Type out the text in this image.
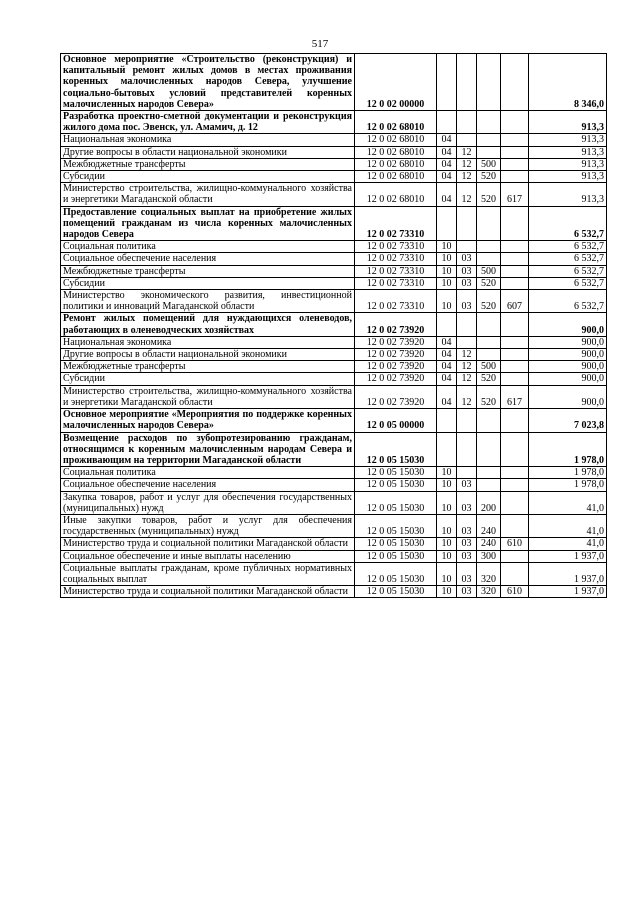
517
Основное мероприятие «Строительство (реконструкция) и капитальный ремонт жилых домов в местах проживания коренных малочисленных народов Севера, улучшение социально-бытовых условий представителей коренных малочисленных народов Севера»	12 0 02 00000					8 346,0

Разработка проектно-сметной документации и реконструкция жилого дома пос. Эвенск, ул. Амамич, д. 12	12 0 02 68010					913,3

Национальная экономика	12 0 02 68010	04				913,3

Другие вопросы в области национальной экономики	12 0 02 68010	04	12			913,3

Межбюджетные трансферты	12 0 02 68010	04	12	500		913,3

Субсидии	12 0 02 68010	04	12	520		913,3

Министерство строительства, жилищно-коммунального хозяйства и энергетики Магаданской области	12 0 02 68010	04	12	520	617	913,3

Предоставление социальных выплат на приобретение жилых помещений гражданам из числа коренных малочисленных народов Севера	12 0 02 73310					6 532,7

Социальная политика	12 0 02 73310	10				6 532,7

Социальное обеспечение населения	12 0 02 73310	10	03			6 532,7

Межбюджетные трансферты	12 0 02 73310	10	03	500		6 532,7

Субсидии	12 0 02 73310	10	03	520		6 532,7

Министерство экономического развития, инвестиционной политики и инноваций Магаданской области	12 0 02 73310	10	03	520	607	6 532,7

Ремонт жилых помещений для нуждающихся оленеводов, работающих в оленеводческих хозяйствах	12 0 02 73920					900,0

Национальная экономика	12 0 02 73920	04				900,0

Другие вопросы в области национальной экономики	12 0 02 73920	04	12			900,0

Межбюджетные трансферты	12 0 02 73920	04	12	500		900,0

Субсидии	12 0 02 73920	04	12	520		900,0

Министерство строительства, жилищно-коммунального хозяйства и энергетики Магаданской области	12 0 02 73920	04	12	520	617	900,0

Основное мероприятие «Мероприятия по поддержке коренных малочисленных народов Севера»	12 0 05 00000					7 023,8

Возмещение расходов по зубопротезированию гражданам, относящимся к коренным малочисленным народам Севера и проживающим на территории Магаданской области	12 0 05 15030					1 978,0

Социальная политика	12 0 05 15030	10				1 978,0

Социальное обеспечение населения	12 0 05 15030	10	03			1 978,0

Закупка товаров, работ и услуг для обеспечения государственных (муниципальных) нужд	12 0 05 15030	10	03	200		41,0

Иные закупки товаров, работ и услуг для обеспечения государственных (муниципальных) нужд	12 0 05 15030	10	03	240		41,0

Министерство труда и социальной политики Магаданской области	12 0 05 15030	10	03	240	610	41,0

Социальное обеспечение и иные выплаты населению	12 0 05 15030	10	03	300		1 937,0

Социальные выплаты гражданам, кроме публичных нормативных социальных выплат	12 0 05 15030	10	03	320		1 937,0

Министерство труда и социальной политики Магаданской области	12 0 05 15030	10	03	320	610	1 937,0
